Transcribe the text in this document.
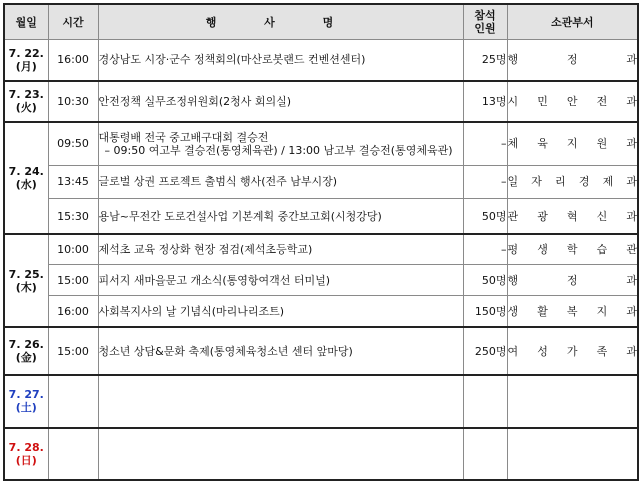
월일	시간	행 사 명	참석
인원	소관부서
7. 22.
(月)	16:00	경상남도 시장·군수 정책회의(마산로봇랜드 컨벤션센터)	25명	행 정 과
7. 23.
(火)	10:30	안전정책 실무조정위원회(2청사 회의실)	13명	시 민 안 전 과
7. 24.
(水)	09:50	대통령배 전국 중고배구대회 결승전
– 09:50 여고부 결승전(통영체육관) / 13:00 남고부 결승전(통영체육관)	–	체 육 지 원 과
	13:45	글로벌 상권 프로젝트 출범식 행사(전주 남부시장)	–	일 자 리 경 제 과
	15:30	용남~무전간 도로건설사업 기본계획 중간보고회(시청강당)	50명	관 광 혁 신 과
7. 25.
(木)	10:00	제석초 교육 정상화 현장 점검(제석초등학교)	–	평 생 학 습 관
	15:00	피서지 새마을문고 개소식(통영항여객선 터미널)	50명	행 정 과
	16:00	사회복지사의 날 기념식(마리나리조트)	150명	생 활 복 지 과
7. 26.
(金)	15:00	청소년 상담&문화 축제(통영체육청소년 센터 앞마당)	250명	여 성 가 족 과
7. 27.
(土)				
7. 28.
(日)				
